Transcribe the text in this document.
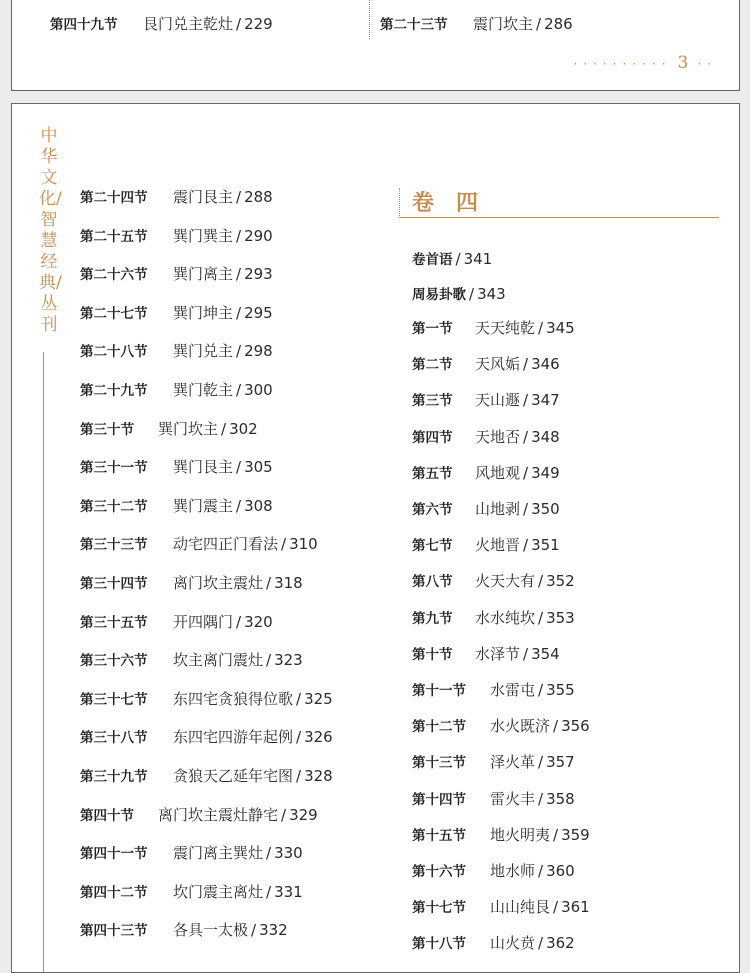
第四十九节 艮门兑主乾灶 / 229	第二十三节 震门坎主 / 286
·········· 3 ··
中华文化/智慧经典/丛刊
第二十四节 震门艮主 / 288
第二十五节 巽门巽主 / 290
第二十六节 巽门离主 / 293
第二十七节 巽门坤主 / 295
第二十八节 巽门兑主 / 298
第二十九节 巽门乾主 / 300
第三十节 巽门坎主 / 302
第三十一节 巽门艮主 / 305
第三十二节 巽门震主 / 308
第三十三节 动宅四正门看法 / 310
第三十四节 离门坎主震灶 / 318
第三十五节 开四隅门 / 320
第三十六节 坎主离门震灶 / 323
第三十七节 东四宅贪狼得位歌 / 325
第三十八节 东四宅四游年起例 / 326
第三十九节 贪狼天乙延年宅图 / 328
第四十节 离门坎主震灶静宅 / 329
第四十一节 震门离主巽灶 / 330
第四十二节 坎门震主离灶 / 331
第四十三节 各具一太极 / 332
卷四
卷首语 / 341
周易卦歌 / 343
第一节 天天纯乾 / 345
第二节 天风姤 / 346
第三节 天山遯 / 347
第四节 天地否 / 348
第五节 风地观 / 349
第六节 山地剥 / 350
第七节 火地晋 / 351
第八节 火天大有 / 352
第九节 水水纯坎 / 353
第十节 水泽节 / 354
第十一节 水雷屯 / 355
第十二节 水火既济 / 356
第十三节 泽火革 / 357
第十四节 雷火丰 / 358
第十五节 地火明夷 / 359
第十六节 地水师 / 360
第十七节 山山纯艮 / 361
第十八节 山火贲 / 362
